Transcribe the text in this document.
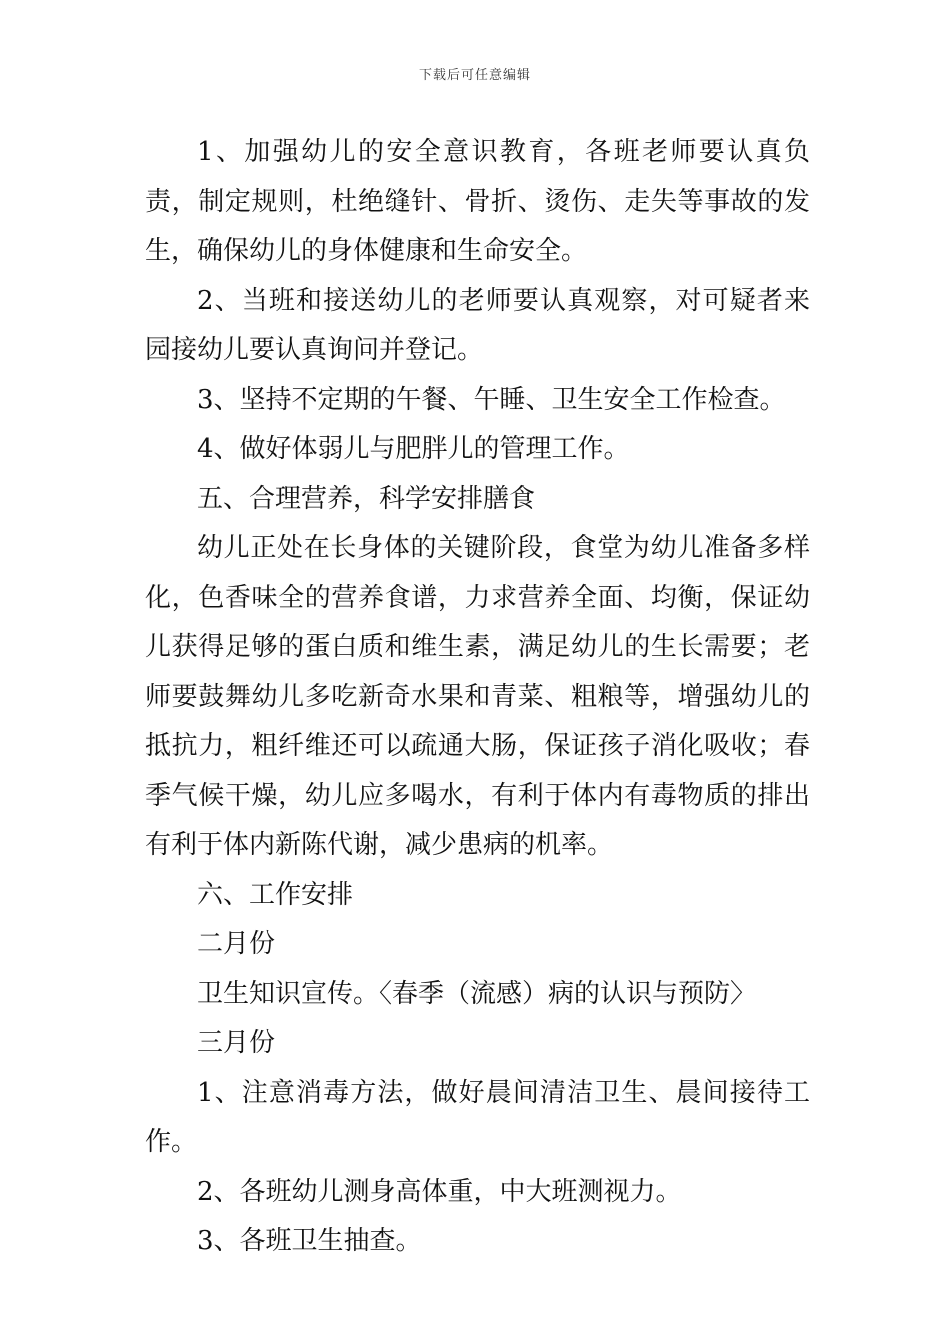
下载后可任意编辑

1、加强幼儿的安全意识教育，各班老师要认真负责，制定规则，杜绝缝针、骨折、烫伤、走失等事故的发生，确保幼儿的身体健康和生命安全。

2、当班和接送幼儿的老师要认真观察，对可疑者来园接幼儿要认真询问并登记。

3、坚持不定期的午餐、午睡、卫生安全工作检查。

4、做好体弱儿与肥胖儿的管理工作。

五、合理营养，科学安排膳食

幼儿正处在长身体的关键阶段，食堂为幼儿准备多样化，色香味全的营养食谱，力求营养全面、均衡，保证幼儿获得足够的蛋白质和维生素，满足幼儿的生长需要；老师要鼓舞幼儿多吃新奇水果和青菜、粗粮等，增强幼儿的抵抗力，粗纤维还可以疏通大肠，保证孩子消化吸收；春季气候干燥，幼儿应多喝水，有利于体内有毒物质的排出有利于体内新陈代谢，减少患病的机率。

六、工作安排

二月份

卫生知识宣传。〈春季（流感）病的认识与预防〉

三月份

1、注意消毒方法，做好晨间清洁卫生、晨间接待工作。

2、各班幼儿测身高体重，中大班测视力。

3、各班卫生抽查。
